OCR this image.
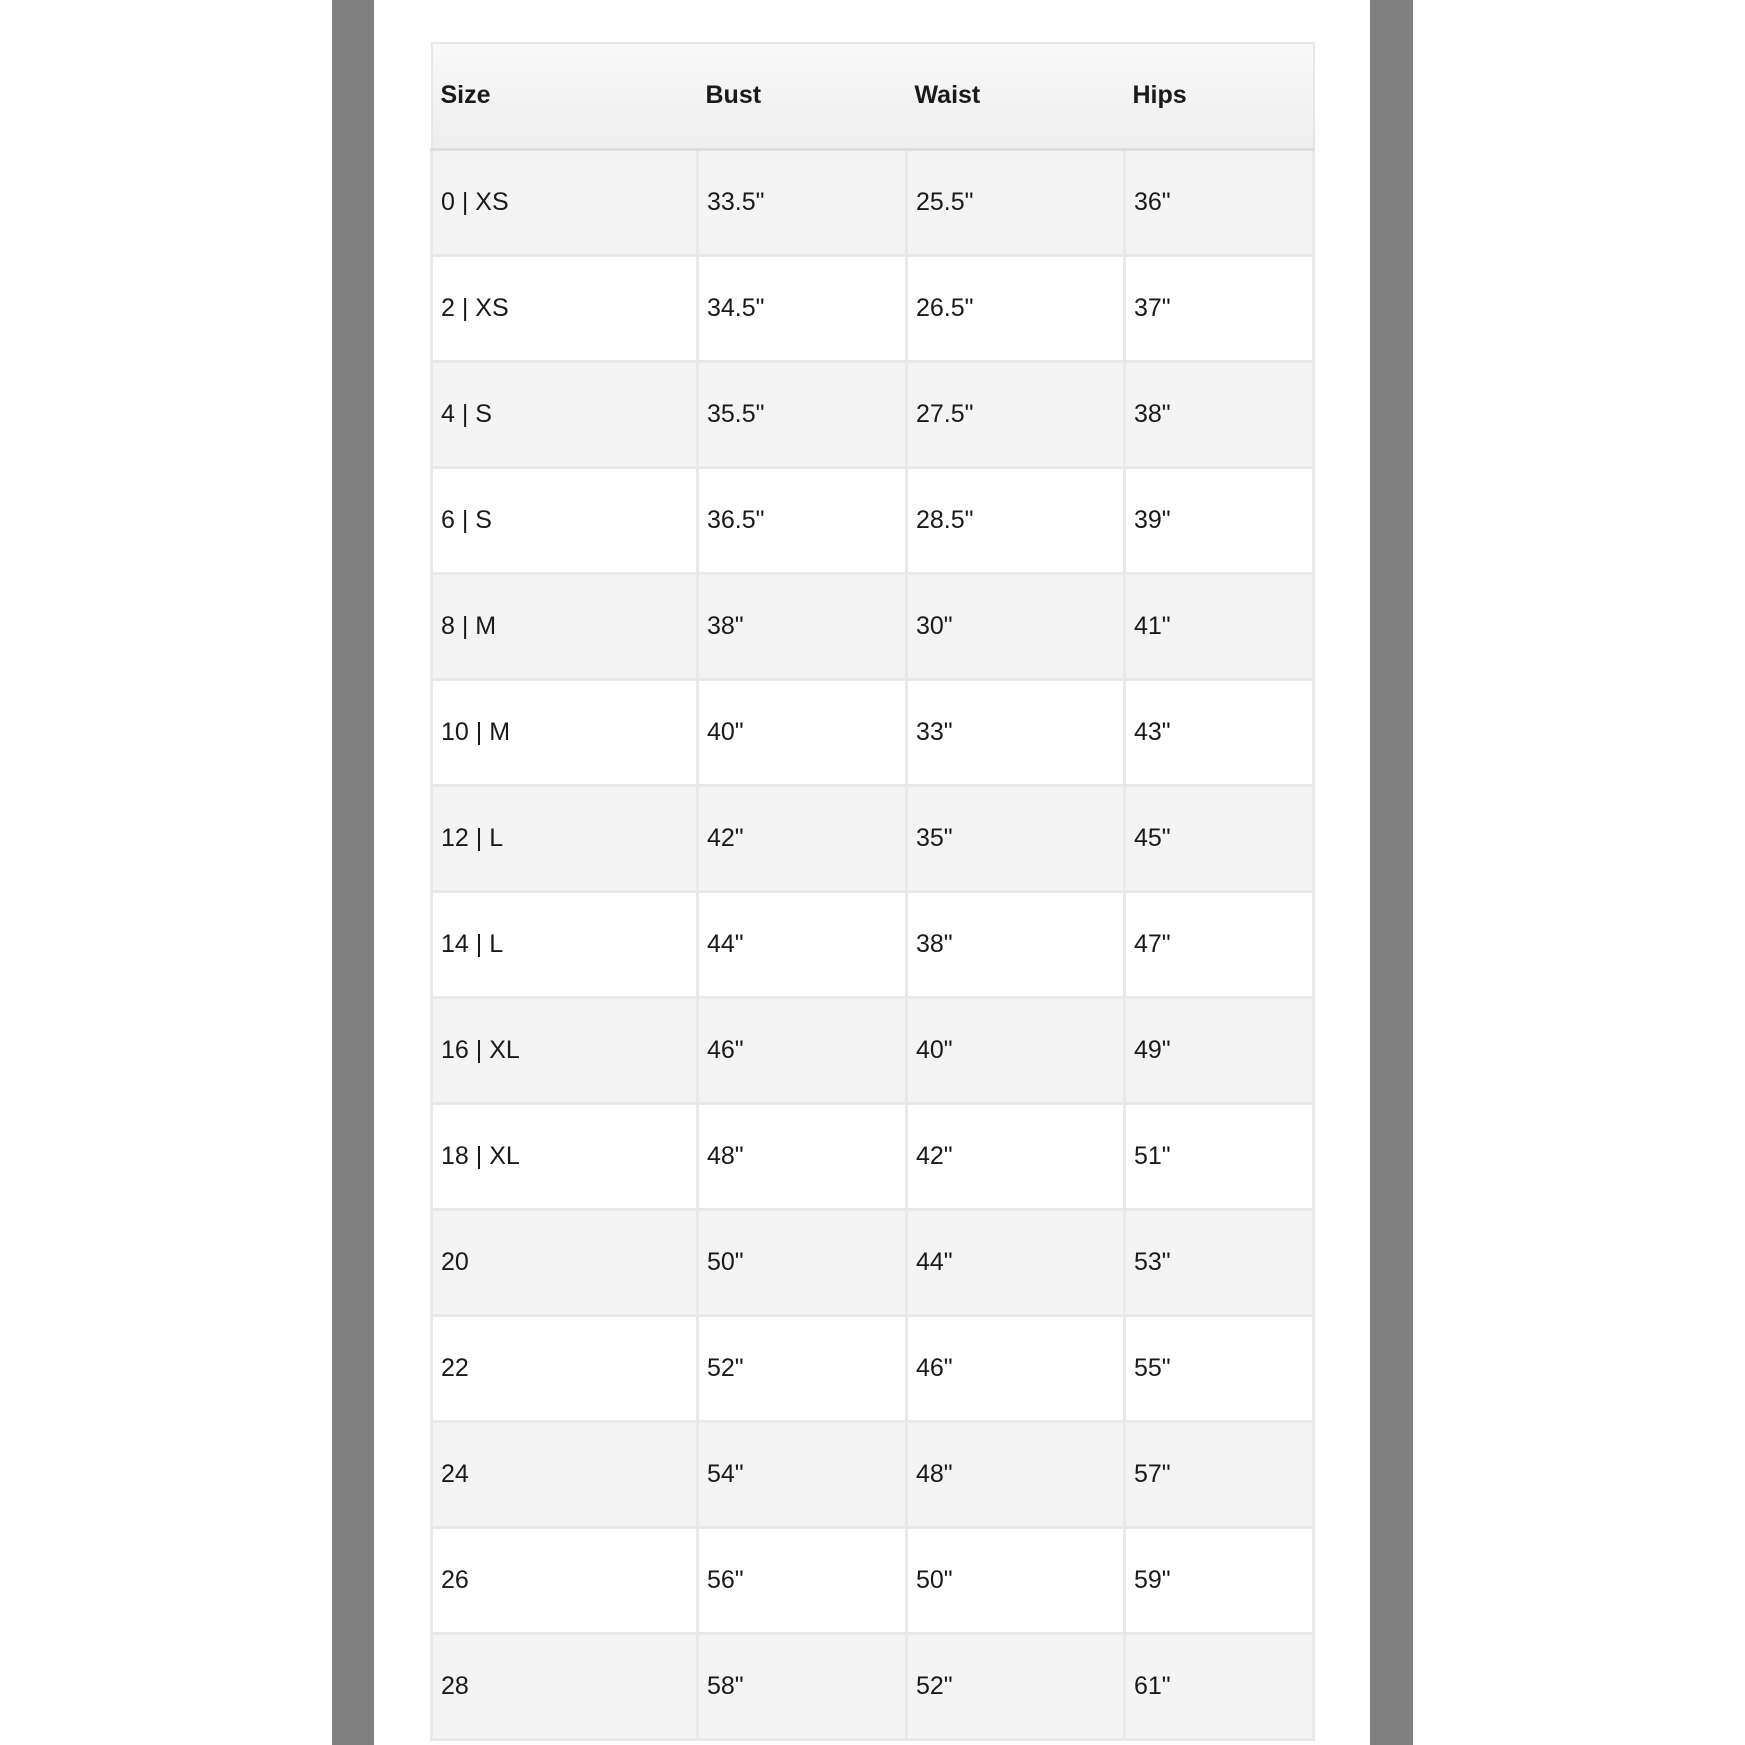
Size	Bust	Waist	Hips
0 | XS	33.5"	25.5"	36"
2 | XS	34.5"	26.5"	37"
4 | S	35.5"	27.5"	38"
6 | S	36.5"	28.5"	39"
8 | M	38"	30"	41"
10 | M	40"	33"	43"
12 | L	42"	35"	45"
14 | L	44"	38"	47"
16 | XL	46"	40"	49"
18 | XL	48"	42"	51"
20	50"	44"	53"
22	52"	46"	55"
24	54"	48"	57"
26	56"	50"	59"
28	58"	52"	61"
